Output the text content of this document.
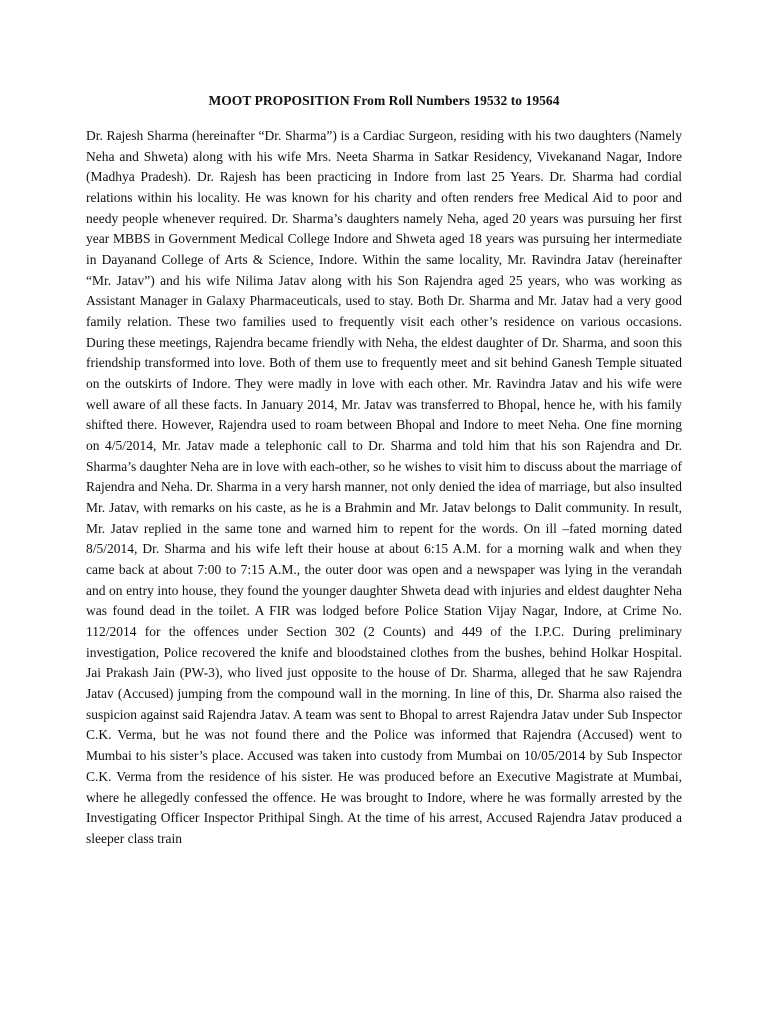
MOOT PROPOSITION From Roll Numbers 19532 to 19564

Dr. Rajesh Sharma (hereinafter “Dr. Sharma”) is a Cardiac Surgeon, residing with his two daughters (Namely Neha and Shweta) along with his wife Mrs. Neeta Sharma in Satkar Residency, Vivekanand Nagar, Indore (Madhya Pradesh). Dr. Rajesh has been practicing in Indore from last 25 Years. Dr. Sharma had cordial relations within his locality. He was known for his charity and often renders free Medical Aid to poor and needy people whenever required. Dr. Sharma’s daughters namely Neha, aged 20 years was pursuing her first year MBBS in Government Medical College Indore and Shweta aged 18 years was pursuing her intermediate in Dayanand College of Arts & Science, Indore. Within the same locality, Mr. Ravindra Jatav (hereinafter “Mr. Jatav”) and his wife Nilima Jatav along with his Son Rajendra aged 25 years, who was working as Assistant Manager in Galaxy Pharmaceuticals, used to stay. Both Dr. Sharma and Mr. Jatav had a very good family relation. These two families used to frequently visit each other’s residence on various occasions. During these meetings, Rajendra became friendly with Neha, the eldest daughter of Dr. Sharma, and soon this friendship transformed into love. Both of them use to frequently meet and sit behind Ganesh Temple situated on the outskirts of Indore. They were madly in love with each other. Mr. Ravindra Jatav and his wife were well aware of all these facts. In January 2014, Mr. Jatav was transferred to Bhopal, hence he, with his family shifted there. However, Rajendra used to roam between Bhopal and Indore to meet Neha. One fine morning on 4/5/2014, Mr. Jatav made a telephonic call to Dr. Sharma and told him that his son Rajendra and Dr. Sharma’s daughter Neha are in love with each-other, so he wishes to visit him to discuss about the marriage of Rajendra and Neha. Dr. Sharma in a very harsh manner, not only denied the idea of marriage, but also insulted Mr. Jatav, with remarks on his caste, as he is a Brahmin and Mr. Jatav belongs to Dalit community. In result, Mr. Jatav replied in the same tone and warned him to repent for the words. On ill –fated morning dated 8/5/2014, Dr. Sharma and his wife left their house at about 6:15 A.M. for a morning walk and when they came back at about 7:00 to 7:15 A.M., the outer door was open and a newspaper was lying in the verandah and on entry into house, they found the younger daughter Shweta dead with injuries and eldest daughter Neha was found dead in the toilet. A FIR was lodged before Police Station Vijay Nagar, Indore, at Crime No. 112/2014 for the offences under Section 302 (2 Counts) and 449 of the I.P.C. During preliminary investigation, Police recovered the knife and bloodstained clothes from the bushes, behind Holkar Hospital. Jai Prakash Jain (PW-3), who lived just opposite to the house of Dr. Sharma, alleged that he saw Rajendra Jatav (Accused) jumping from the compound wall in the morning. In line of this, Dr. Sharma also raised the suspicion against said Rajendra Jatav. A team was sent to Bhopal to arrest Rajendra Jatav under Sub Inspector C.K. Verma, but he was not found there and the Police was informed that Rajendra (Accused) went to Mumbai to his sister’s place. Accused was taken into custody from Mumbai on 10/05/2014 by Sub Inspector C.K. Verma from the residence of his sister. He was produced before an Executive Magistrate at Mumbai, where he allegedly confessed the offence. He was brought to Indore, where he was formally arrested by the Investigating Officer Inspector Prithipal Singh. At the time of his arrest, Accused Rajendra Jatav produced a sleeper class train
